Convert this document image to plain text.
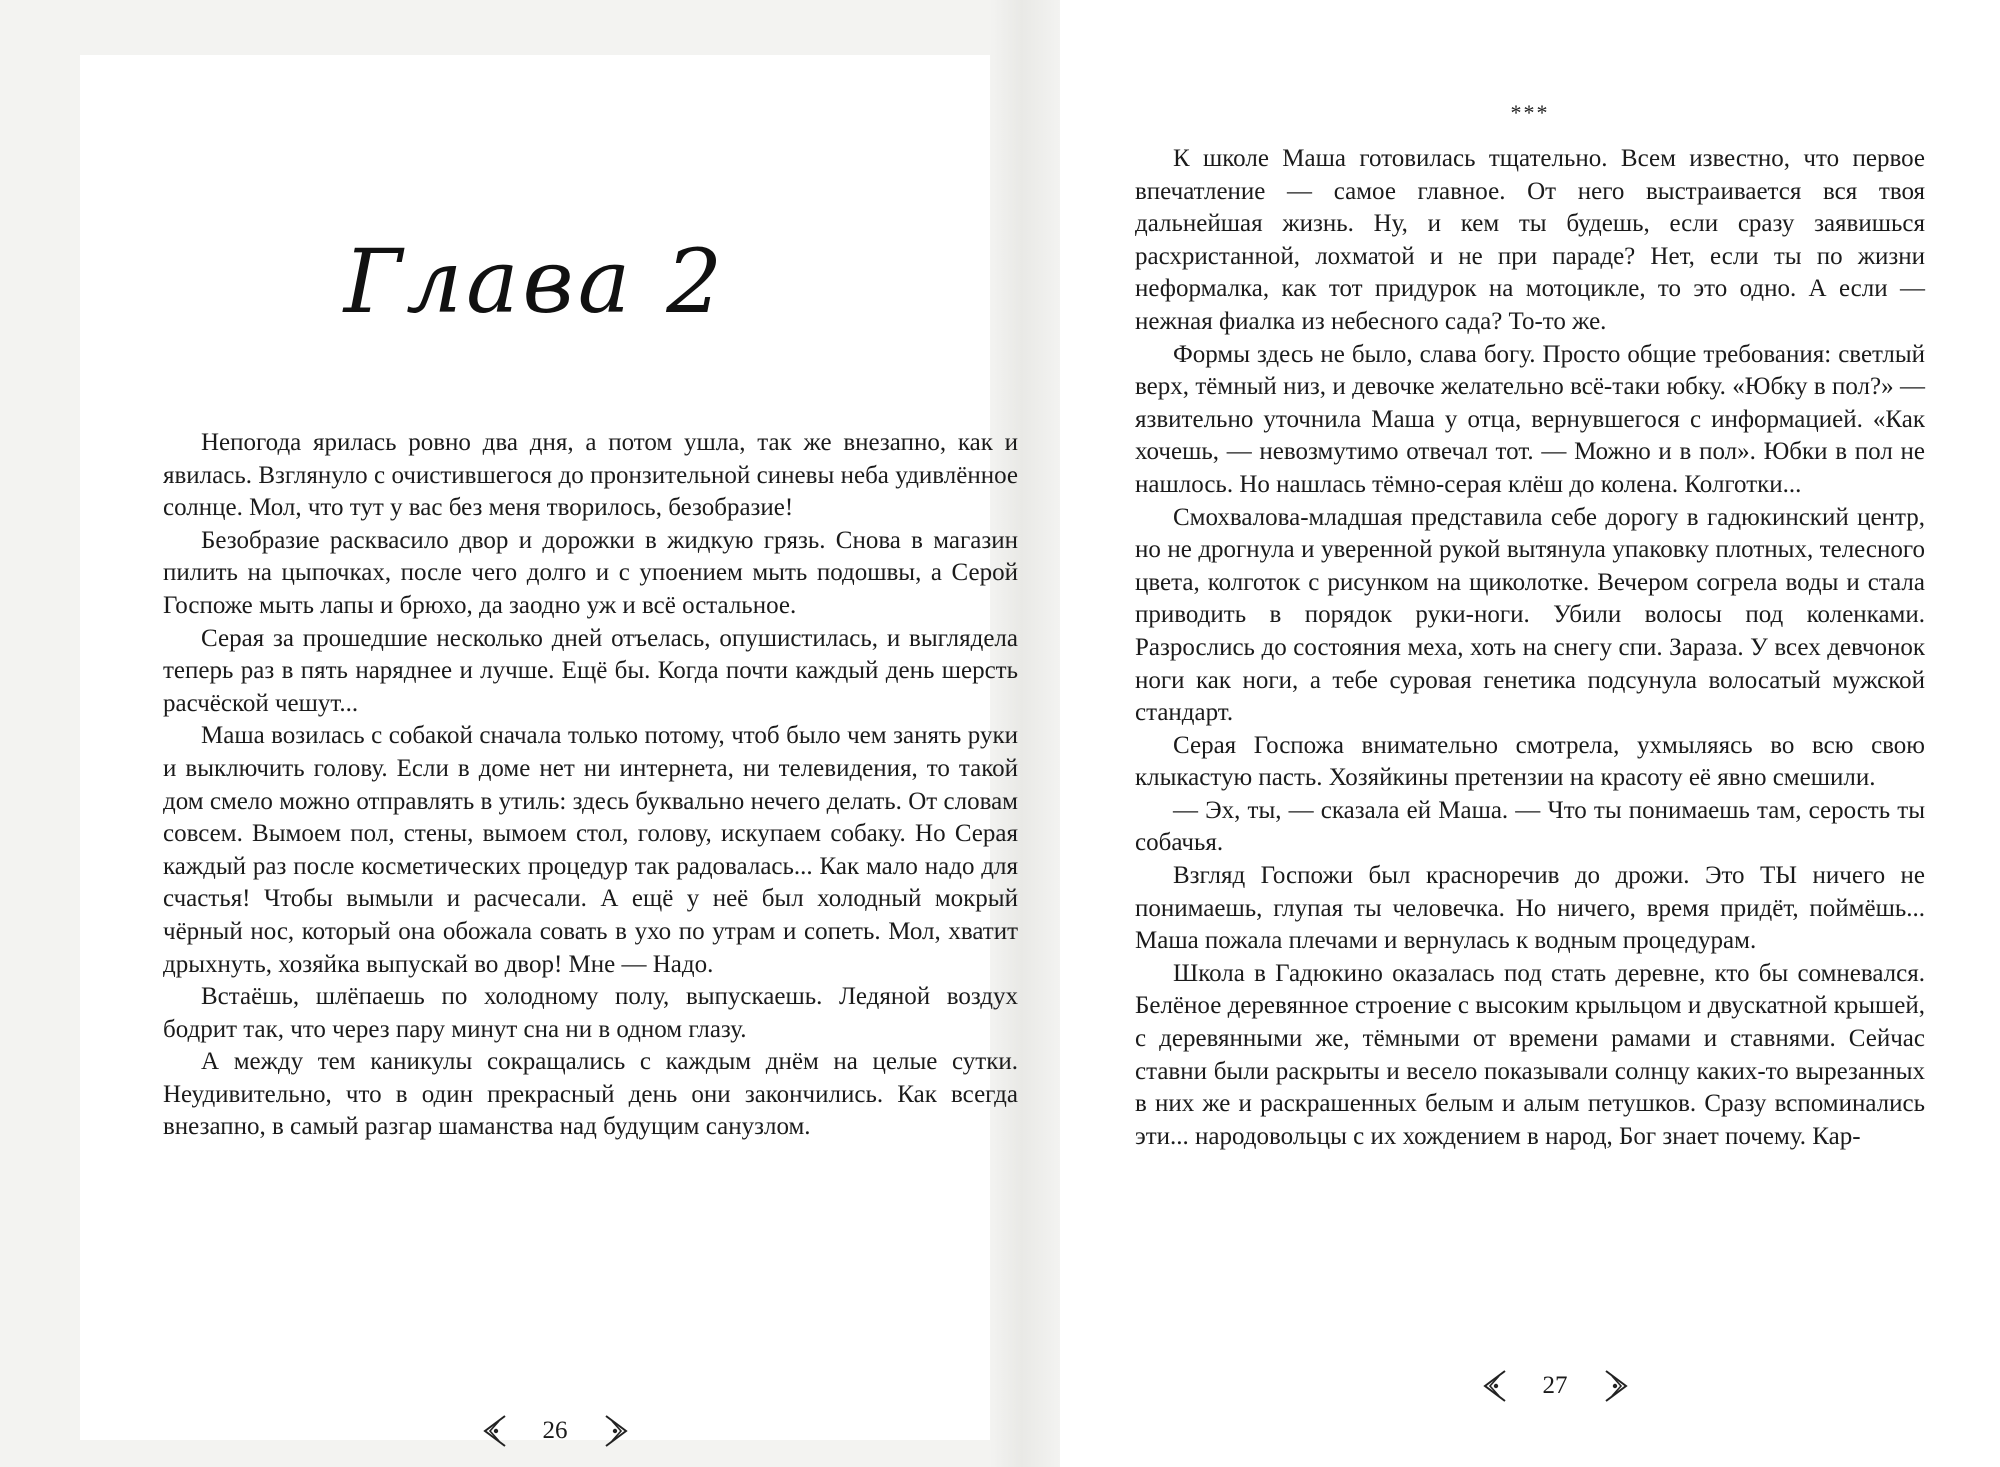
Глава 2

Непогода ярилась ровно два дня, а потом ушла, так же внезапно, как и явилась. Взглянуло с очистившегося до пронзительной синевы неба удивлённое солнце. Мол, что тут у вас без меня творилось, безобразие!

Безобразие расквасило двор и дорожки в жидкую грязь. Снова в магазин пилить на цыпочках, после чего долго и с упоением мыть подошвы, а Серой Госпоже мыть лапы и брюхо, да заодно уж и всё остальное.

Серая за прошедшие несколько дней отъелась, опушистилась, и выглядела теперь раз в пять наряднее и лучше. Ещё бы. Когда почти каждый день шерсть расчёской чешут...

Маша возилась с собакой сначала только потому, чтоб было чем занять руки и выключить голову. Если в доме нет ни интернета, ни телевидения, то такой дом смело можно отправлять в утиль: здесь буквально нечего делать. От словам совсем. Вымоем пол, стены, вымоем стол, голову, искупаем собаку. Но Серая каждый раз после косметических процедур так радовалась... Как мало надо для счастья! Чтобы вымыли и расчесали. А ещё у неё был холодный мокрый чёрный нос, который она обожала совать в ухо по утрам и сопеть. Мол, хватит дрыхнуть, хозяйка выпускай во двор! Мне — Надо.

Встаёшь, шлёпаешь по холодному полу, выпускаешь. Ледяной воздух бодрит так, что через пару минут сна ни в одном глазу.

А между тем каникулы сокращались с каждым днём на целые сутки. Неудивительно, что в один прекрасный день они закончились. Как всегда внезапно, в самый разгар шаманства над будущим санузлом.

26
***

К школе Маша готовилась тщательно. Всем известно, что первое впечатление — самое главное. От него выстраивается вся твоя дальнейшая жизнь. Ну, и кем ты будешь, если сразу заявишься расхристанной, лохматой и не при параде? Нет, если ты по жизни неформалка, как тот придурок на мотоцикле, то это одно. А если — нежная фиалка из небесного сада? То-то же.

Формы здесь не было, слава богу. Просто общие требования: светлый верх, тёмный низ, и девочке желательно всё-таки юбку. «Юбку в пол?» — язвительно уточнила Маша у отца, вернувшегося с информацией. «Как хочешь, — невозмутимо отвечал тот. — Можно и в пол». Юбки в пол не нашлось. Но нашлась тёмно-серая клёш до колена. Колготки...

Смохвалова-младшая представила себе дорогу в гадюкинский центр, но не дрогнула и уверенной рукой вытянула упаковку плотных, телесного цвета, колготок с рисунком на щиколотке. Вечером согрела воды и стала приводить в порядок руки-ноги. Убили волосы под коленками. Разрослись до состояния меха, хоть на снегу спи. Зараза. У всех девчонок ноги как ноги, а тебе суровая генетика подсунула волосатый мужской стандарт.

Серая Госпожа внимательно смотрела, ухмыляясь во всю свою клыкастую пасть. Хозяйкины претензии на красоту её явно смешили.

— Эх, ты, — сказала ей Маша. — Что ты понимаешь там, серость ты собачья.

Взгляд Госпожи был красноречив до дрожи. Это ТЫ ничего не понимаешь, глупая ты человечка. Но ничего, время придёт, поймёшь... Маша пожала плечами и вернулась к водным процедурам.

Школа в Гадюкино оказалась под стать деревне, кто бы сомневался. Белёное деревянное строение с высоким крыльцом и двускатной крышей, с деревянными же, тёмными от времени рамами и ставнями. Сейчас ставни были раскрыты и весело показывали солнцу каких-то вырезанных в них же и раскрашенных белым и алым петушков. Сразу вспоминались эти... народовольцы с их хождением в народ, Бог знает почему. Кар-

27
